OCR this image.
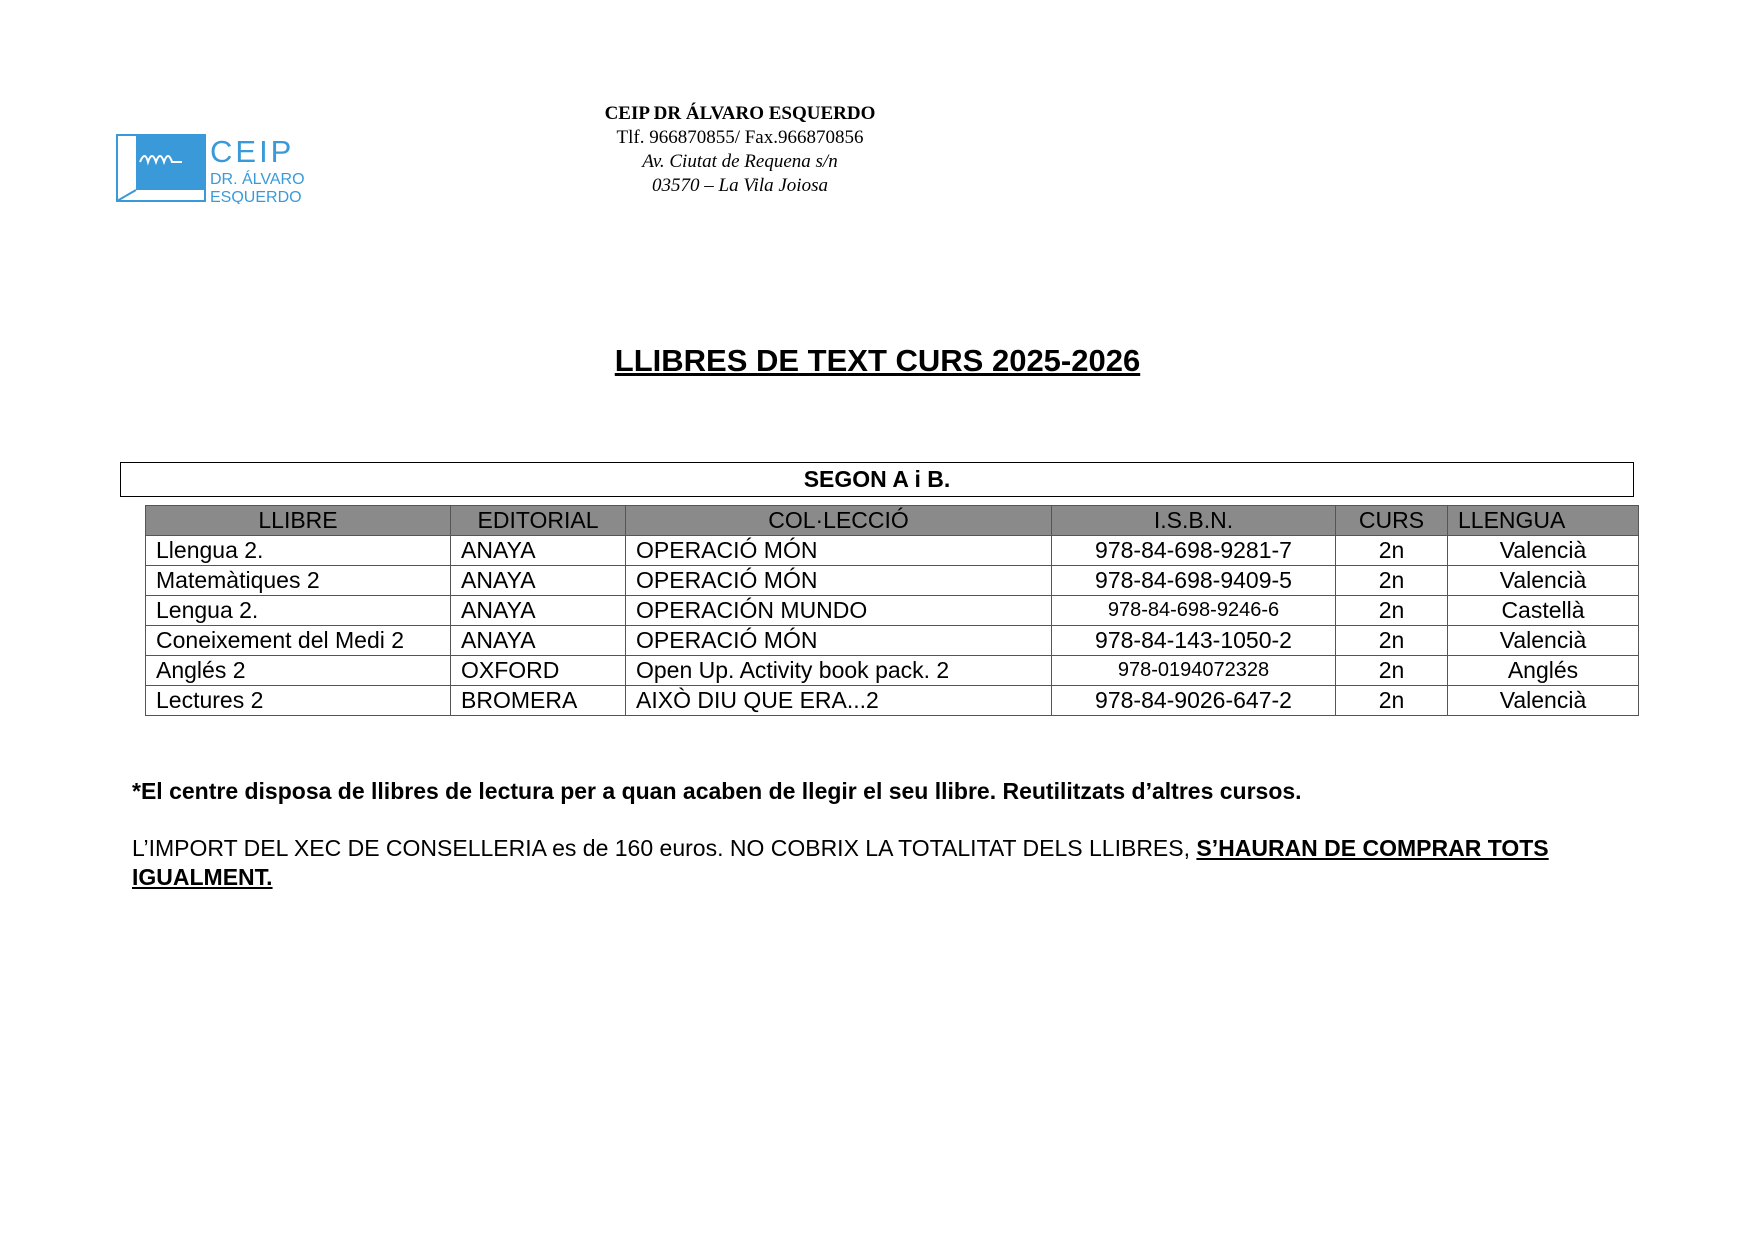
CEIP
DR. ÁLVARO
ESQUERDO
CEIP DR ÁLVARO ESQUERDO
Tlf. 966870855/ Fax.966870856
Av. Ciutat de Requena s/n
03570 – La Vila Joiosa
LLIBRES DE TEXT CURS 2025-2026
SEGON A i B.
LLIBRE	EDITORIAL	COL·LECCIÓ	I.S.B.N.	CURS	LLENGUA
Llengua 2.	ANAYA	OPERACIÓ MÓN	978-84-698-9281-7	2n	Valencià
Matemàtiques 2	ANAYA	OPERACIÓ MÓN	978-84-698-9409-5	2n	Valencià
Lengua 2.	ANAYA	OPERACIÓN MUNDO	978-84-698-9246-6	2n	Castellà
Coneixement del Medi 2	ANAYA	OPERACIÓ MÓN	978-84-143-1050-2	2n	Valencià
Anglés 2	OXFORD	Open Up. Activity book pack. 2	978-0194072328	2n	Anglés
Lectures 2	BROMERA	AIXÒ DIU QUE ERA...2	978-84-9026-647-2	2n	Valencià
*El centre disposa de llibres de lectura per a quan acaben de llegir el seu llibre. Reutilitzats d’altres cursos.
L’IMPORT DEL XEC DE CONSELLERIA es de 160 euros. NO COBRIX LA TOTALITAT DELS LLIBRES, S’HAURAN DE COMPRAR TOTS IGUALMENT.
